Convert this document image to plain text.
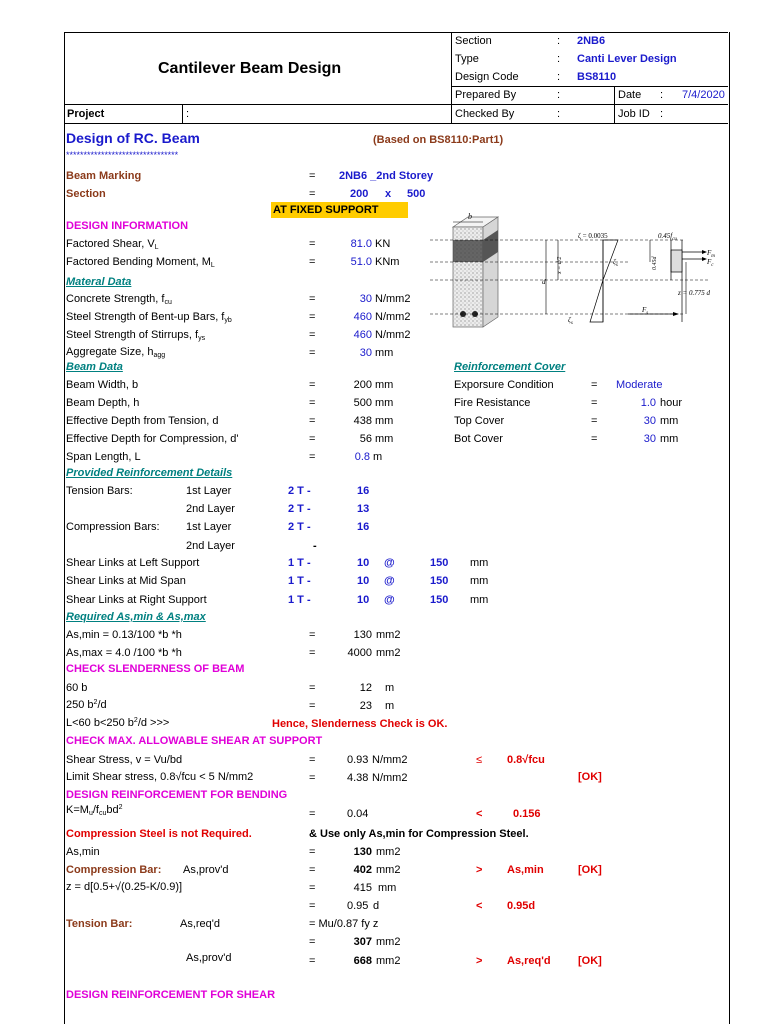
Cantilever Beam Design
Section	: 2NB6
Type	: Canti Lever Design
Design Code	: BS8110
Prepared By	:	Date : 7/4/2020
Project	:	Checked By	:	Job ID :
Design of RC. Beam
********************************
(Based on BS8110:Part1)
Beam Marking	= 2NB6 _2nd Storey
Section	=	200 x 500
AT FIXED SUPPORT
DESIGN INFORMATION
Factored Shear, $V_L$	=	81.0 KN
Factored Bending Moment, $M_L$	=	51.0 KNm
Materal Data
Concrete Strength, $f_{cu}$	=	30 N/mm2
Steel Strength of Bent-up Bars, $f_{yb}$	=	460 N/mm2
Steel Strength of Stirrups, $f_{ys}$	=	460 N/mm2
Aggregate Size, $h_{agg}$	=	30 mm
Beam Data
Beam Width, b	=	200 mm
Beam Depth, h	=	500 mm
Effective Depth from Tension, d	=	438 mm
Effective Depth for Compression, d'	=	56 mm
Span Length, L	=	0.8 m
Reinforcement Cover
Exporsure Condition	= Moderate
Fire Resistance	=	1.0 hour
Top Cover	=	30 mm
Bot Cover	=	30 mm
Provided Reinforcement Details
Tension Bars:	1st Layer	2 T -	16
2nd Layer	2 T -	13
Compression Bars: 1st Layer	2 T -	16
2nd Layer	-
Shear Links at Left Support	1 T -	10 @	150 mm
Shear Links at Mid Span	1 T -	10 @	150 mm
Shear Links at Right Support	1 T -	10 @	150 mm
Required As,min & As,max
As,min = 0.13/100 *b *h	=	130 mm2
As,max = 4.0 /100 *b *h	=	4000 mm2
CHECK SLENDERNESS OF BEAM
60 b	=	12 m
250 $b^2/d$	=	23 m
L<60 b<250 $b^2/d$ >>>	Hence, Slenderness Check is OK.
CHECK MAX. ALLOWABLE SHEAR AT SUPPORT
Shear Stress, v = Vu/bd	=	0.93 N/mm2	≤ 0.8√fcu
Limit Shear stress, 0.8√fcu < 5 N/mm2	=	4.38 N/mm2	[OK]
DESIGN REINFORCEMENT FOR BENDING
$K=M_u/f_{cu}bd^2$
=	0.04	<	0.156
Compression Steel is not Required.	& Use only As,min for Compression Steel.
As,min	=	130 mm2
Compression Bar: As,prov'd	=	402 mm2	> As,min	[OK]
z = d[0.5+√(0.25-K/0.9)]	=	415 mm
=	0.95 d	< 0.95d
Tension Bar:	As,req'd	= Mu/0.87 fy z
=	307 mm2
As,prov'd	=	668 mm2	> As,req'd [OK]
DESIGN REINFORCEMENT FOR SHEAR
b
d
x = d/2
ζ = 0.0035
$\zeta_s$
$\zeta_s$
$0.45f_{cu}$
0.45d
$F_m$
$F_c$
z = 0.775 d
$F_s$
